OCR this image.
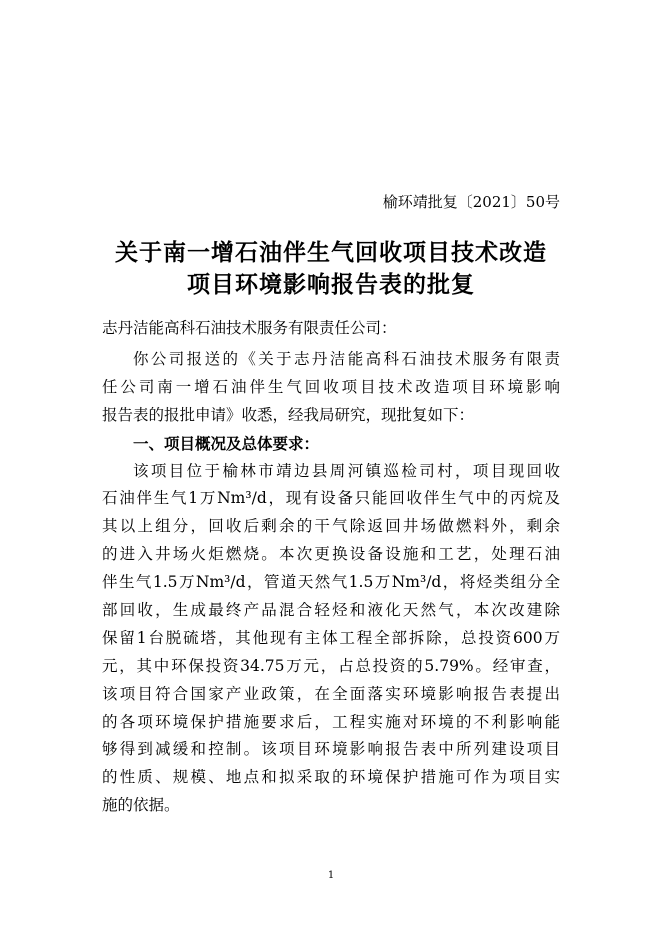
榆环靖批复〔2021〕50号
关于南一增石油伴生气回收项目技术改造
项目环境影响报告表的批复
志丹洁能高科石油技术服务有限责任公司：
你公司报送的《关于志丹洁能高科石油技术服务有限责
任公司南一增石油伴生气回收项目技术改造项目环境影响
报告表的报批申请》收悉，经我局研究，现批复如下：
一、项目概况及总体要求：
该项目位于榆林市靖边县周河镇巡检司村，项目现回收
石油伴生气1万Nm³/d，现有设备只能回收伴生气中的丙烷及
其以上组分，回收后剩余的干气除返回井场做燃料外，剩余
的进入井场火炬燃烧。本次更换设备设施和工艺，处理石油
伴生气1.5万Nm³/d，管道天然气1.5万Nm³/d，将烃类组分全
部回收，生成最终产品混合轻烃和液化天然气，本次改建除
保留1台脱硫塔，其他现有主体工程全部拆除，总投资600万
元，其中环保投资34.75万元，占总投资的5.79%。经审查，
该项目符合国家产业政策，在全面落实环境影响报告表提出
的各项环境保护措施要求后，工程实施对环境的不利影响能
够得到减缓和控制。该项目环境影响报告表中所列建设项目
的性质、规模、地点和拟采取的环境保护措施可作为项目实
施的依据。
1
